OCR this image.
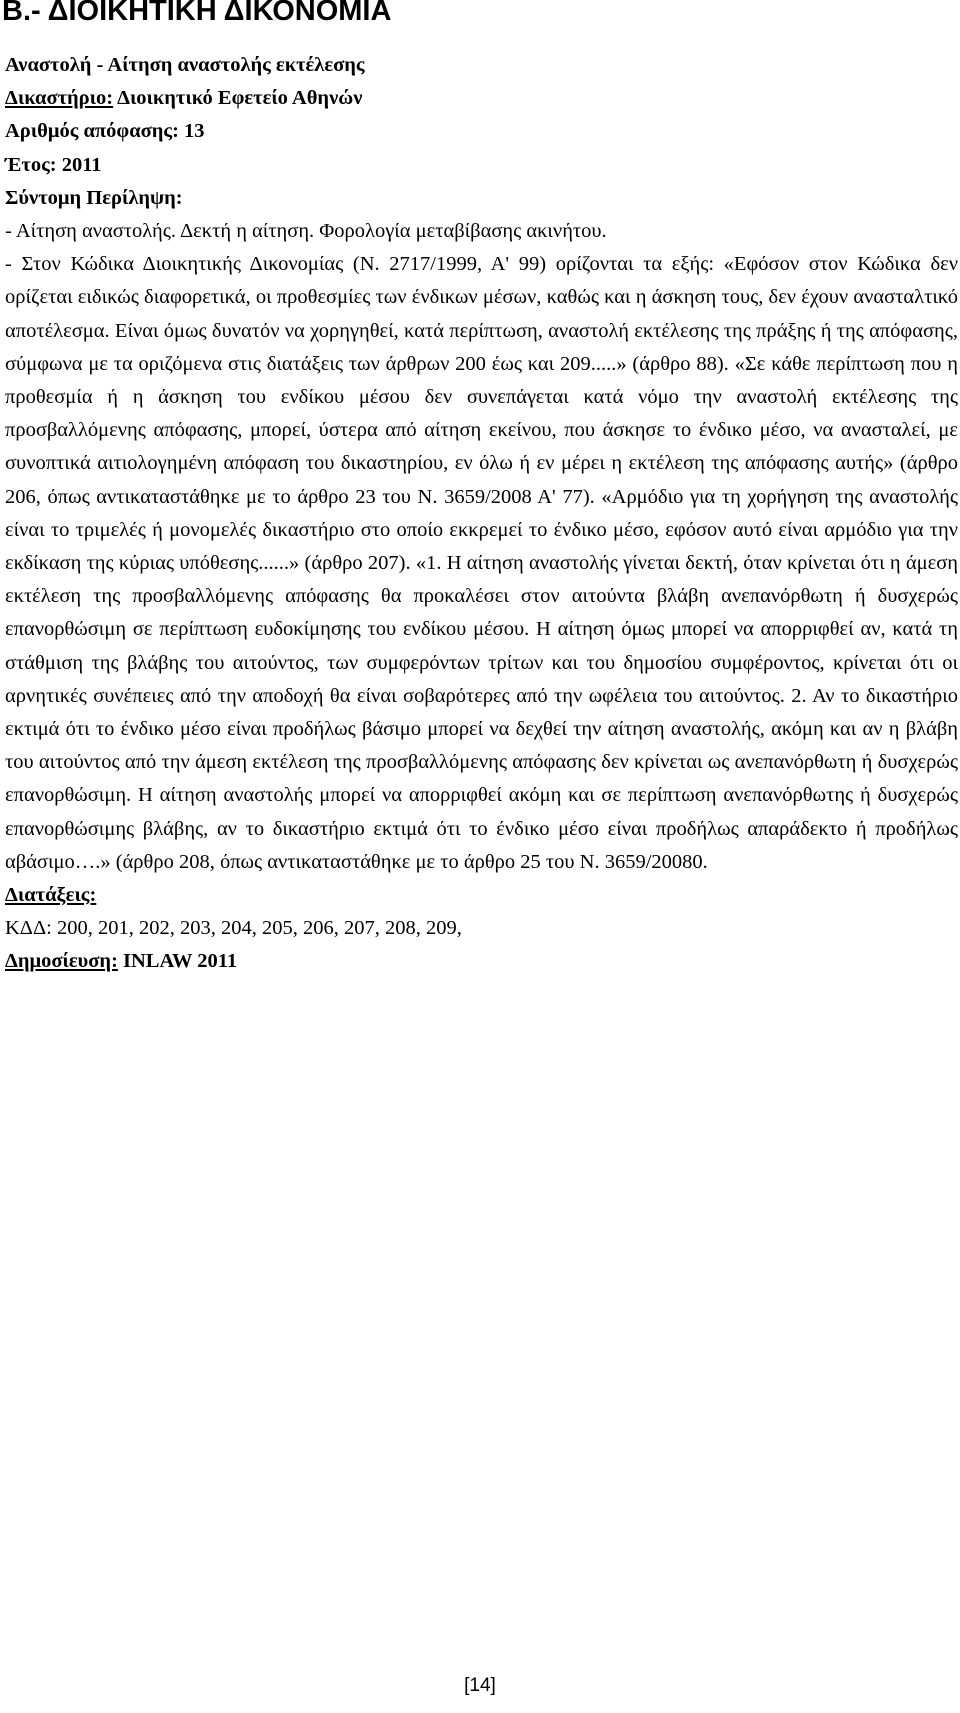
Β.- ΔΙΟΙΚΗΤΙΚΗ ΔΙΚΟΝΟΜΙΑ
Αναστολή - Αίτηση αναστολής εκτέλεσης
Δικαστήριο: Διοικητικό Εφετείο Αθηνών
Αριθμός απόφασης: 13
Έτος: 2011
Σύντομη Περίληψη:
- Αίτηση αναστολής. Δεκτή η αίτηση. Φορολογία μεταβίβασης ακινήτου.
- Στον Κώδικα Διοικητικής Δικονομίας (Ν. 2717/1999, Α' 99) ορίζονται τα εξής: «Εφόσον στον Κώδικα δεν ορίζεται ειδικώς διαφορετικά, οι προθεσμίες των ένδικων μέσων, καθώς και η άσκηση τους, δεν έχουν ανασταλτικό αποτέλεσμα. Είναι όμως δυνατόν να χορηγηθεί, κατά περίπτωση, αναστολή εκτέλεσης της πράξης ή της απόφασης, σύμφωνα με τα οριζόμενα στις διατάξεις των άρθρων 200 έως και 209.....» (άρθρο 88). «Σε κάθε περίπτωση που η προθεσμία ή η άσκηση του ενδίκου μέσου δεν συνεπάγεται κατά νόμο την αναστολή εκτέλεσης της προσβαλλόμενης απόφασης, μπορεί, ύστερα από αίτηση εκείνου, που άσκησε το ένδικο μέσο, να ανασταλεί, με συνοπτικά αιτιολογημένη απόφαση του δικαστηρίου, εν όλω ή εν μέρει η εκτέλεση της απόφασης αυτής» (άρθρο 206, όπως αντικαταστάθηκε με το άρθρο 23 του Ν. 3659/2008 Α' 77). «Αρμόδιο για τη χορήγηση της αναστολής είναι το τριμελές ή μονομελές δικαστήριο στο οποίο εκκρεμεί το ένδικο μέσο, εφόσον αυτό είναι αρμόδιο για την εκδίκαση της κύριας υπόθεσης......» (άρθρο 207). «1. Η αίτηση αναστολής γίνεται δεκτή, όταν κρίνεται ότι η άμεση εκτέλεση της προσβαλλόμενης απόφασης θα προκαλέσει στον αιτούντα βλάβη ανεπανόρθωτη ή δυσχερώς επανορθώσιμη σε περίπτωση ευδοκίμησης του ενδίκου μέσου. Η αίτηση όμως μπορεί να απορριφθεί αν, κατά τη στάθμιση της βλάβης του αιτούντος, των συμφερόντων τρίτων και του δημοσίου συμφέροντος, κρίνεται ότι οι αρνητικές συνέπειες από την αποδοχή θα είναι σοβαρότερες από την ωφέλεια του αιτούντος. 2. Αν το δικαστήριο εκτιμά ότι το ένδικο μέσο είναι προδήλως βάσιμο μπορεί να δεχθεί την αίτηση αναστολής, ακόμη και αν η βλάβη του αιτούντος από την άμεση εκτέλεση της προσβαλλόμενης απόφασης δεν κρίνεται ως ανεπανόρθωτη ή δυσχερώς επανορθώσιμη. Η αίτηση αναστολής μπορεί να απορριφθεί ακόμη και σε περίπτωση ανεπανόρθωτης ή δυσχερώς επανορθώσιμης βλάβης, αν το δικαστήριο εκτιμά ότι το ένδικο μέσο είναι προδήλως απαράδεκτο ή προδήλως αβάσιμο….» (άρθρο 208, όπως αντικαταστάθηκε με το άρθρο 25 του Ν. 3659/20080.
Διατάξεις:
ΚΔΔ: 200, 201, 202, 203, 204, 205, 206, 207, 208, 209,
Δημοσίευση: INLAW 2011
[14]
